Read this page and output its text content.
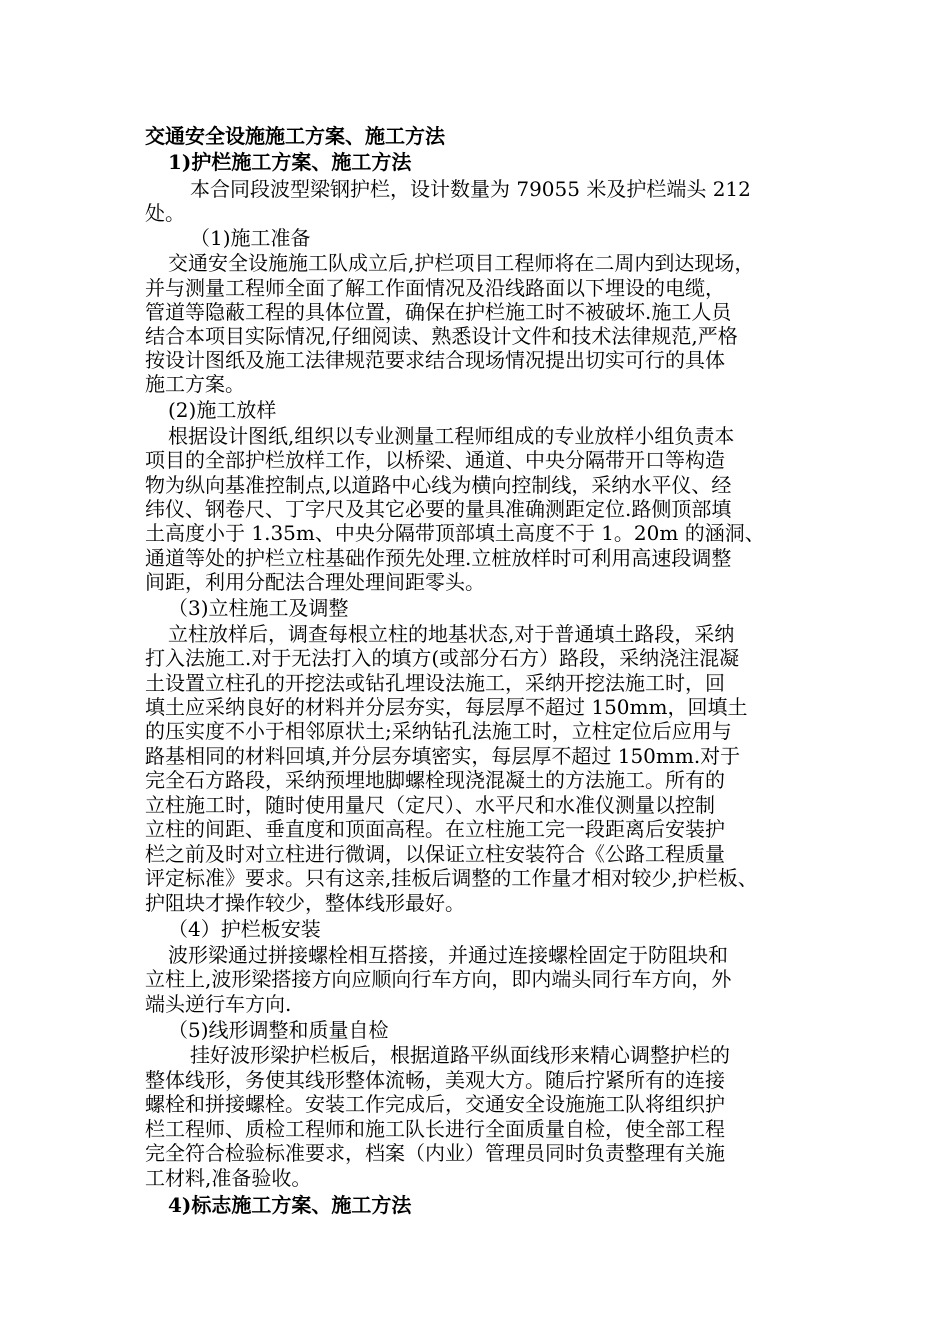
交通安全设施施工方案、施工方法
1)护栏施工方案、施工方法
本合同段波型梁钢护栏，设计数量为 79055 米及护栏端头 212
处。
（1)施工准备
交通安全设施施工队成立后,护栏项目工程师将在二周内到达现场，
并与测量工程师全面了解工作面情况及沿线路面以下埋设的电缆，
管道等隐蔽工程的具体位置，确保在护栏施工时不被破坏.施工人员
结合本项目实际情况,仔细阅读、熟悉设计文件和技术法律规范,严格
按设计图纸及施工法律规范要求结合现场情况提出切实可行的具体
施工方案。
(2)施工放样
根据设计图纸,组织以专业测量工程师组成的专业放样小组负责本
项目的全部护栏放样工作，以桥梁、通道、中央分隔带开口等构造
物为纵向基准控制点,以道路中心线为横向控制线，采纳水平仪、经
纬仪、钢卷尺、丁字尺及其它必要的量具准确测距定位.路侧顶部填
土高度小于 1.35m、中央分隔带顶部填土高度不于 1。20m 的涵洞、
通道等处的护栏立柱基础作预先处理.立桩放样时可利用高速段调整
间距，利用分配法合理处理间距零头。
（3)立柱施工及调整
立柱放样后，调查每根立柱的地基状态,对于普通填土路段，采纳
打入法施工.对于无法打入的填方(或部分石方）路段，采纳浇注混凝
土设置立柱孔的开挖法或钻孔埋设法施工，采纳开挖法施工时，回
填土应采纳良好的材料并分层夯实，每层厚不超过 150mm，回填土
的压实度不小于相邻原状土;采纳钻孔法施工时，立柱定位后应用与
路基相同的材料回填,并分层夯填密实，每层厚不超过 150mm.对于
完全石方路段，采纳预埋地脚螺栓现浇混凝土的方法施工。所有的
立柱施工时，随时使用量尺（定尺）、水平尺和水准仪测量以控制
立柱的间距、垂直度和顶面高程。在立柱施工完一段距离后安装护
栏之前及时对立柱进行微调，以保证立柱安装符合《公路工程质量
评定标准》要求。只有这亲,挂板后调整的工作量才相对较少,护栏板、
护阻块才操作较少，整体线形最好。
（4）护栏板安装
波形梁通过拼接螺栓相互搭接，并通过连接螺栓固定于防阻块和
立柱上,波形梁搭接方向应顺向行车方向，即内端头同行车方向，外
端头逆行车方向.
（5)线形调整和质量自检
挂好波形梁护栏板后，根据道路平纵面线形来精心调整护栏的
整体线形，务使其线形整体流畅，美观大方。随后拧紧所有的连接
螺栓和拼接螺栓。安装工作完成后，交通安全设施施工队将组织护
栏工程师、质检工程师和施工队长进行全面质量自检，使全部工程
完全符合检验标准要求，档案（内业）管理员同时负责整理有关施
工材料,准备验收。
4)标志施工方案、施工方法
